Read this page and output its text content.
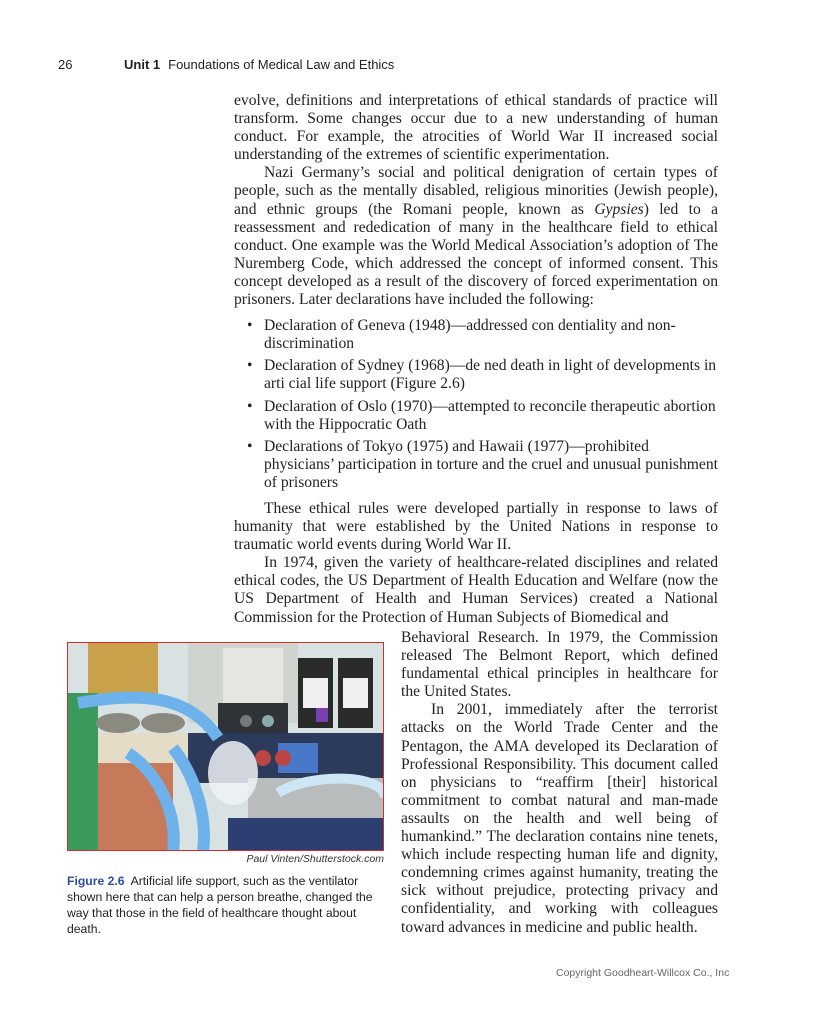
26	Unit 1 Foundations of Medical Law and Ethics

evolve, definitions and interpretations of ethical standards of practice will transform. Some changes occur due to a new understanding of human conduct. For example, the atrocities of World War II increased social understanding of the extremes of scientific experimentation.

Nazi Germany’s social and political denigration of certain types of people, such as the mentally disabled, religious minorities (Jewish people), and ethnic groups (the Romani people, known as Gypsies) led to a reassessment and rededication of many in the healthcare field to ethical conduct. One example was the World Medical Association’s adoption of The Nuremberg Code, which addressed the concept of informed consent. This concept developed as a result of the discovery of forced experimentation on prisoners. Later declarations have included the following:

• Declaration of Geneva (1948)—addressed con dentiality and non-discrimination
• Declaration of Sydney (1968)—de ned death in light of developments in arti cial life support (Figure 2.6)
• Declaration of Oslo (1970)—attempted to reconcile therapeutic abortion with the Hippocratic Oath
• Declarations of Tokyo (1975) and Hawaii (1977)—prohibited physicians’ participation in torture and the cruel and unusual punishment of prisoners

These ethical rules were developed partially in response to laws of humanity that were established by the United Nations in response to traumatic world events during World War II.

In 1974, given the variety of healthcare-related disciplines and related ethical codes, the US Department of Health Education and Welfare (now the US Department of Health and Human Services) created a National Commission for the Protection of Human Subjects of Biomedical and

Paul Vinten/Shutterstock.com
Figure 2.6 Artificial life support, such as the ventilator shown here that can help a person breathe, changed the way that those in the field of healthcare thought about death.

Behavioral Research. In 1979, the Commission released The Belmont Report, which defined fundamental ethical principles in healthcare for the United States.

In 2001, immediately after the terrorist attacks on the World Trade Center and the Pentagon, the AMA developed its Declaration of Professional Responsibility. This document called on physicians to “reaffirm [their] historical commitment to combat natural and man-made assaults on the health and well being of humankind.” The declaration contains nine tenets, which include respecting human life and dignity, condemning crimes against humanity, treating the sick without prejudice, protecting privacy and confidentiality, and working with colleagues toward advances in medicine and public health.

Copyright Goodheart-Willcox Co., Inc
